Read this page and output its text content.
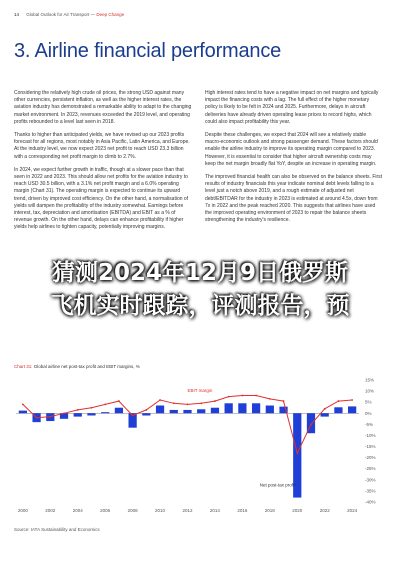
14 Global Outlook for Air Transport — Deep Change
3. Airline financial performance

Considering the relatively high crude oil prices, the strong USD against many other currencies, persistent inflation, as well as the higher interest rates, the aviation industry has demonstrated a remarkable ability to adapt to the changing market environment. In 2023, revenues exceeded the 2019 level, and operating profits rebounded to a level last seen in 2018.

Thanks to higher than anticipated yields, we have revised up our 2023 profits forecast for all regions, most notably in Asia Pacific, Latin America, and Europe. At the industry level, we now expect 2023 net profit to reach USD 23.3 billion with a corresponding net profit margin to climb to 2.7%.

In 2024, we expect further growth in traffic, though at a slower pace than that seen in 2022 and 2023. This should allow net profits for the aviation industry to reach USD 30.5 billion, with a 3.1% net profit margin and a 6.0% operating margin (Chart 31). The operating margin is expected to continue its upward trend, driven by improved cost efficiency. On the other hand, a normalisation of yields will dampen the profitability of the industry somewhat. Earnings before interest, tax, depreciation and amortisation (EBITDA) and EBIT as a % of revenue growth. On the other hand, delays can enhance profitability if higher yields help airlines to tighten capacity, potentially improving margins.

High interest rates tend to have a negative impact on net margins and typically impact the financing costs with a lag. The full effect of the higher monetary policy is likely to be felt in 2024 and 2025. Furthermore, delays in aircraft deliveries have already driven operating lease prices to record highs, which could also impact profitability this year.

Despite these challenges, we expect that 2024 will see a relatively stable macro-economic outlook and strong passenger demand. These factors should enable the airline industry to improve its operating margin compared to 2023. However, it is essential to consider that higher aircraft ownership costs may keep the net margin broadly flat YoY, despite an increase in operating margin.

The improved financial health can also be observed on the balance sheets. First results of industry financials this year indicate nominal debt levels falling to a level just a notch above 2019, and a rough estimate of adjusted net debt/EBITDAR for the industry in 2023 is estimated at around 4.5x, down from 7x in 2022 and the peak reached 2020. This suggests that airlines have used the improved operating environment of 2023 to repair the balance sheets strengthening the industry's resilience.

猜测2024年12月9日俄罗斯
飞机实时跟踪，评测报告，预
Chart 31: Global airline net post-tax profit and EBIT margins, %
15%
10%
5%
0%
-5%
-10%
-15%
-20%
-25%
-30%
-35%
-40%
2000	2002	2004	2006	2008	2010	2012	2014	2016	2018	2020	2022	2024
EBIT margin
Net post-tax profit
Source: IATA Sustainability and Economics
